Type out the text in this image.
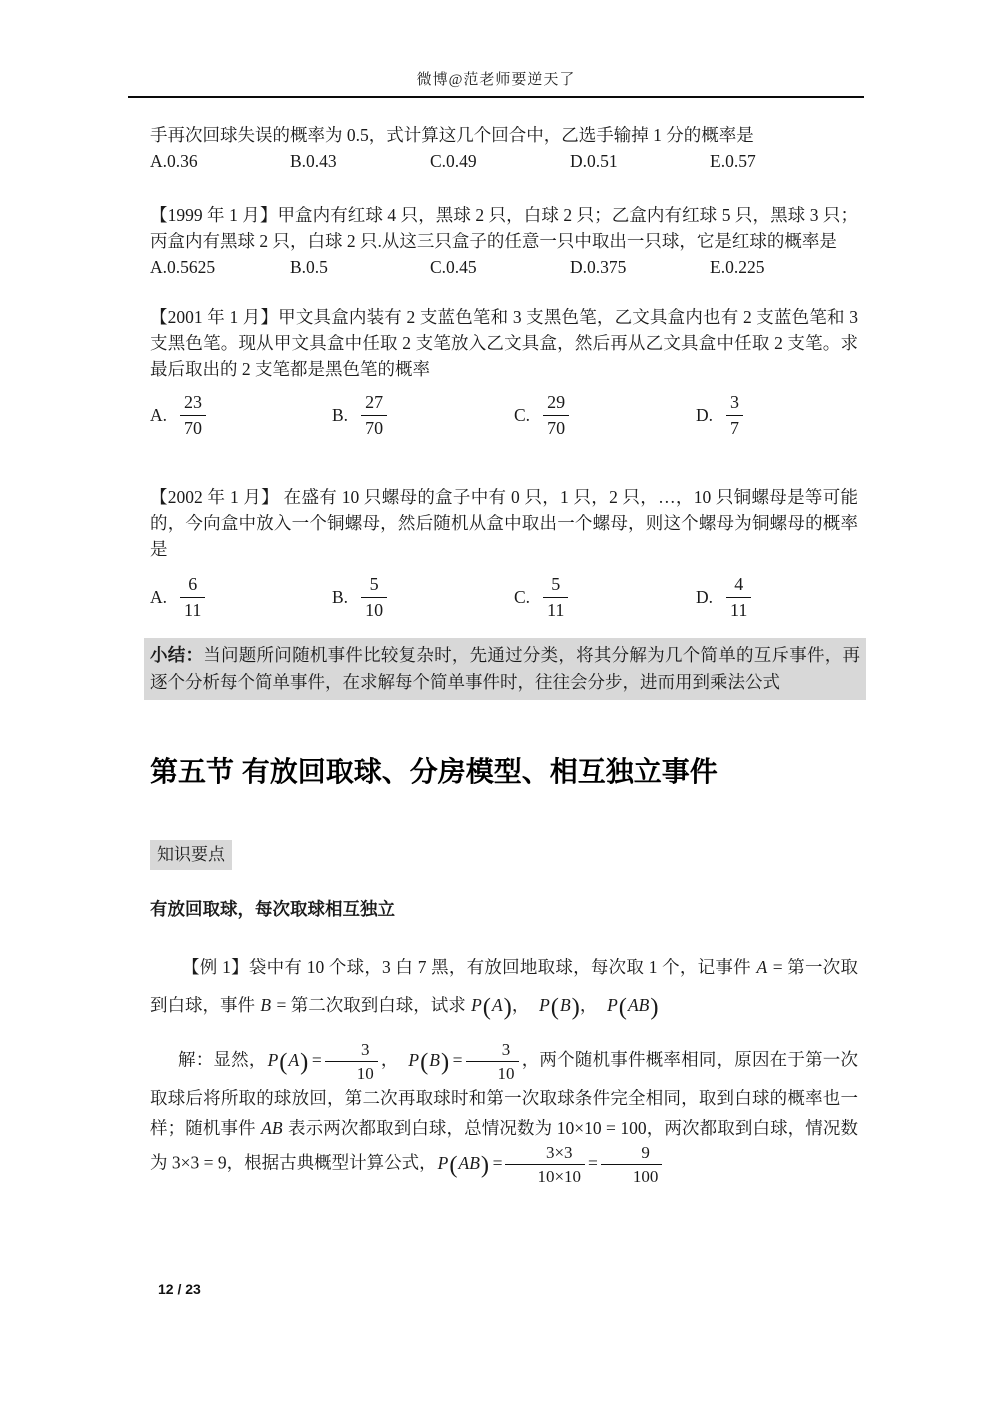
微博@范老师要逆天了
手再次回球失误的概率为 0.5，式计算这几个回合中，乙选手输掉 1 分的概率是
A.0.36	B.0.43	C.0.49	D.0.51	E.0.57
【1999 年 1 月】甲盒内有红球 4 只，黑球 2 只，白球 2 只；乙盒内有红球 5 只，黑球 3 只；丙盒内有黑球 2 只，白球 2 只.从这三只盒子的任意一只中取出一只球，它是红球的概率是
A.0.5625	B.0.5	C.0.45	D.0.375	E.0.225
【2001 年 1 月】甲文具盒内装有 2 支蓝色笔和 3 支黑色笔，乙文具盒内也有 2 支蓝色笔和 3 支黑色笔。现从甲文具盒中任取 2 支笔放入乙文具盒，然后再从乙文具盒中任取 2 支笔。求最后取出的 2 支笔都是黑色笔的概率
A. $\frac{23}{70}$	B. $\frac{27}{70}$	C. $\frac{29}{70}$	D. $\frac{3}{7}$
【2002 年 1 月】 在盛有 10 只螺母的盒子中有 0 只，1 只，2 只，…，10 只铜螺母是等可能的，今向盒中放入一个铜螺母，然后随机从盒中取出一个螺母，则这个螺母为铜螺母的概率是
A. $\frac{6}{11}$	B. $\frac{5}{10}$	C. $\frac{5}{11}$	D. $\frac{4}{11}$
小结：当问题所问随机事件比较复杂时，先通过分类，将其分解为几个简单的互斥事件，再逐个分析每个简单事件，在求解每个简单事件时，往往会分步，进而用到乘法公式
第五节 有放回取球、分房模型、相互独立事件
知识要点
有放回取球，每次取球相互独立
【例 1】袋中有 10 个球，3 白 7 黑，有放回地取球，每次取 1 个，记事件 A = 第一次取到白球，事件 B = 第二次取到白球，试求 P(A)，  P(B)，  P(AB)
解：显然，$P(A) = \frac{3}{10}$ ，  $P(B) = \frac{3}{10}$ ，两个随机事件概率相同，原因在于第一次取球后将所取的球放回，第二次再取球时和第一次取球条件完全相同，取到白球的概率也一样；随机事件 AB 表示两次都取到白球，总情况数为 10×10 = 100，两次都取到白球，情况数为 3×3 = 9，根据古典概型计算公式，$P(AB) = \frac{3\times 3}{10\times 10} = \frac{9}{100}$
12 / 23
